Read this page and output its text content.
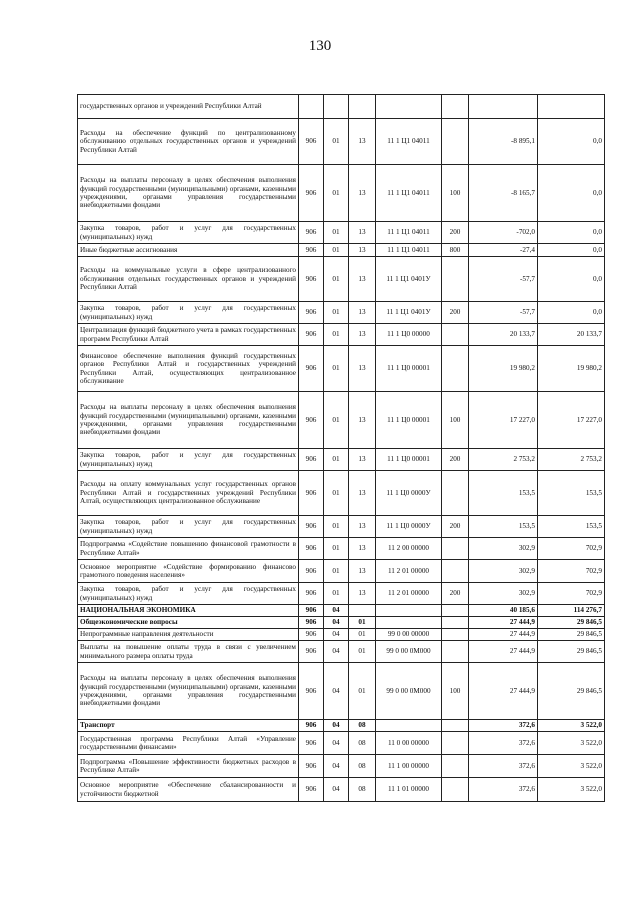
130
государственных органов и учреждений Республики Алтай							
Расходы на обеспечение функций по централизованному обслуживанию отдельных государственных органов и учреждений Республики Алтай	906	01	13	11 1 Ц1 04011		-8 895,1	0,0
Расходы на выплаты персоналу в целях обеспечения выполнения функций государственными (муниципальными) органами, казенными учреждениями, органами управления государственными внебюджетными фондами	906	01	13	11 1 Ц1 04011	100	-8 165,7	0,0
Закупка товаров, работ и услуг для государственных (муниципальных) нужд	906	01	13	11 1 Ц1 04011	200	-702,0	0,0
Иные бюджетные ассигнования	906	01	13	11 1 Ц1 04011	800	-27,4	0,0
Расходы на коммунальные услуги в сфере централизованного обслуживания отдельных государственных органов и учреждений Республики Алтай	906	01	13	11 1 Ц1 0401У		-57,7	0,0
Закупка товаров, работ и услуг для государственных (муниципальных) нужд	906	01	13	11 1 Ц1 0401У	200	-57,7	0,0
Централизация функций бюджетного учета в рамках государственных программ Республики Алтай	906	01	13	11 1 Ц0 00000		20 133,7	20 133,7
Финансовое обеспечение выполнения функций государственных органов Республики Алтай и государственных учреждений Республики Алтай, осуществляющих централизованное обслуживание	906	01	13	11 1 Ц0 00001		19 980,2	19 980,2
Расходы на выплаты персоналу в целях обеспечения выполнения функций государственными (муниципальными) органами, казенными учреждениями, органами управления государственными внебюджетными фондами	906	01	13	11 1 Ц0 00001	100	17 227,0	17 227,0
Закупка товаров, работ и услуг для государственных (муниципальных) нужд	906	01	13	11 1 Ц0 00001	200	2 753,2	2 753,2
Расходы на оплату коммунальных услуг государственных органов Республики Алтай и государственных учреждений Республики Алтай, осуществляющих централизованное обслуживание	906	01	13	11 1 Ц0 0000У		153,5	153,5
Закупка товаров, работ и услуг для государственных (муниципальных) нужд	906	01	13	11 1 Ц0 0000У	200	153,5	153,5
Подпрограмма «Содействие повышению финансовой грамотности в Республике Алтай»	906	01	13	11 2 00 00000		302,9	702,9
Основное мероприятие «Содействие формированию финансово грамотного поведения населения»	906	01	13	11 2 01 00000		302,9	702,9
Закупка товаров, работ и услуг для государственных (муниципальных) нужд	906	01	13	11 2 01 00000	200	302,9	702,9
НАЦИОНАЛЬНАЯ ЭКОНОМИКА	906	04				40 185,6	114 276,7
Общеэкономические вопросы	906	04	01			27 444,9	29 846,5
Непрограммные направления деятельности	906	04	01	99 0 00 00000		27 444,9	29 846,5
Выплаты на повышение оплаты труда в связи с увеличением минимального размера оплаты труда	906	04	01	99 0 00 0М000		27 444,9	29 846,5
Расходы на выплаты персоналу в целях обеспечения выполнения функций государственными (муниципальными) органами, казенными учреждениями, органами управления государственными внебюджетными фондами	906	04	01	99 0 00 0М000	100	27 444,9	29 846,5
Транспорт	906	04	08			372,6	3 522,0
Государственная программа Республики Алтай «Управление государственными финансами»	906	04	08	11 0 00 00000		372,6	3 522,0
Подпрограмма «Повышение эффективности бюджетных расходов в Республике Алтай»	906	04	08	11 1 00 00000		372,6	3 522,0
Основное мероприятие «Обеспечение сбалансированности и устойчивости бюджетной	906	04	08	11 1 01 00000		372,6	3 522,0
